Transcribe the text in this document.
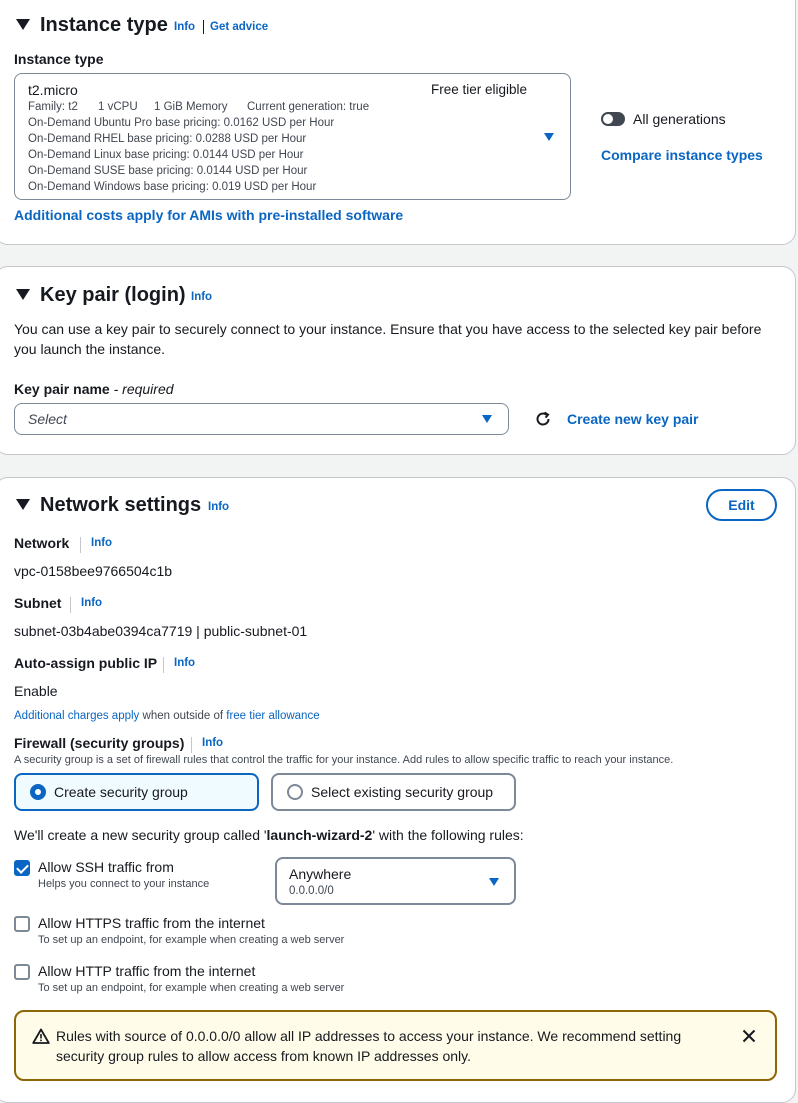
Instance type Info Get advice
Instance type
t2.micro	Free tier eligible
Family: t2 1 vCPU 1 GiB Memory Current generation: true
On-Demand Ubuntu Pro base pricing: 0.0162 USD per Hour
On-Demand RHEL base pricing: 0.0288 USD per Hour
On-Demand Linux base pricing: 0.0144 USD per Hour
On-Demand SUSE base pricing: 0.0144 USD per Hour
On-Demand Windows base pricing: 0.019 USD per Hour
All generations
Compare instance types
Additional costs apply for AMIs with pre-installed software
Key pair (login) Info
You can use a key pair to securely connect to your instance. Ensure that you have access to the selected key pair before
you launch the instance.
Key pair name - required
Select	Create new key pair
Network settings Info	Edit
Network Info
vpc-0158bee9766504c1b
Subnet Info
subnet-03b4abe0394ca7719 | public-subnet-01
Auto-assign public IP Info
Enable
Additional charges apply when outside of free tier allowance
Firewall (security groups) Info
A security group is a set of firewall rules that control the traffic for your instance. Add rules to allow specific traffic to reach your instance.
Create security group	Select existing security group
We'll create a new security group called 'launch-wizard-2' with the following rules:
Allow SSH traffic from
Helps you connect to your instance
Anywhere
0.0.0.0/0
Allow HTTPS traffic from the internet
To set up an endpoint, for example when creating a web server
Allow HTTP traffic from the internet
To set up an endpoint, for example when creating a web server
Rules with source of 0.0.0.0/0 allow all IP addresses to access your instance. We recommend setting
security group rules to allow access from known IP addresses only.
